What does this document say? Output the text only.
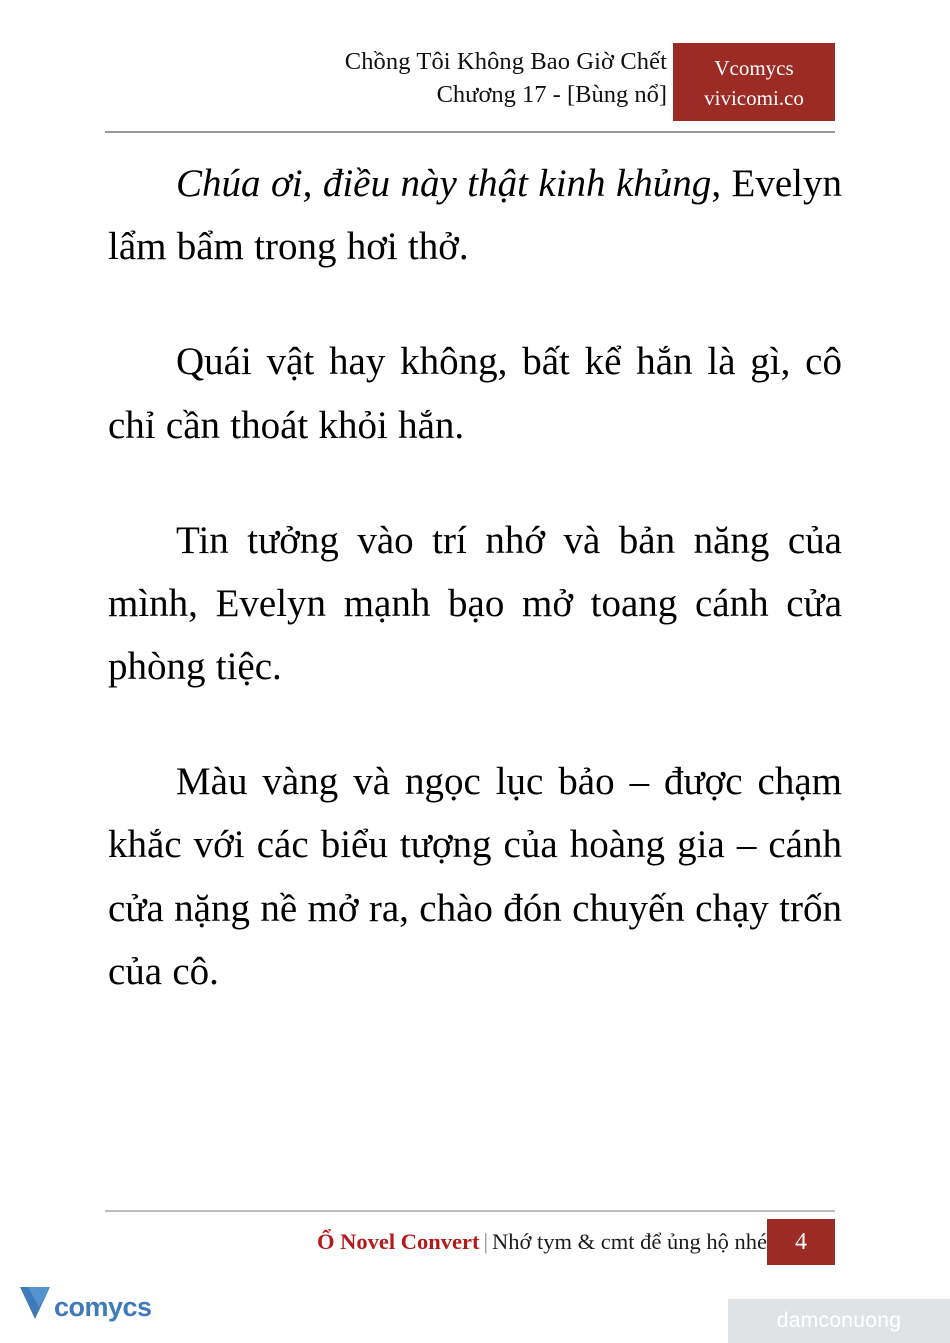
Chồng Tôi Không Bao Giờ Chết
Chương 17 - [Bùng nổ]
Vcomycs
vivicomi.co

Chúa ơi, điều này thật kinh khủng, Evelyn lẩm bẩm trong hơi thở.

Quái vật hay không, bất kể hắn là gì, cô chỉ cần thoát khỏi hắn.

Tin tưởng vào trí nhớ và bản năng của mình, Evelyn mạnh bạo mở toang cánh cửa phòng tiệc.

Màu vàng và ngọc lục bảo – được chạm khắc với các biểu tượng của hoàng gia – cánh cửa nặng nề mở ra, chào đón chuyến chạy trốn của cô.

Ổ Novel Convert | Nhớ tym & cmt để ủng hộ nhé	4
comycs	damconuong
